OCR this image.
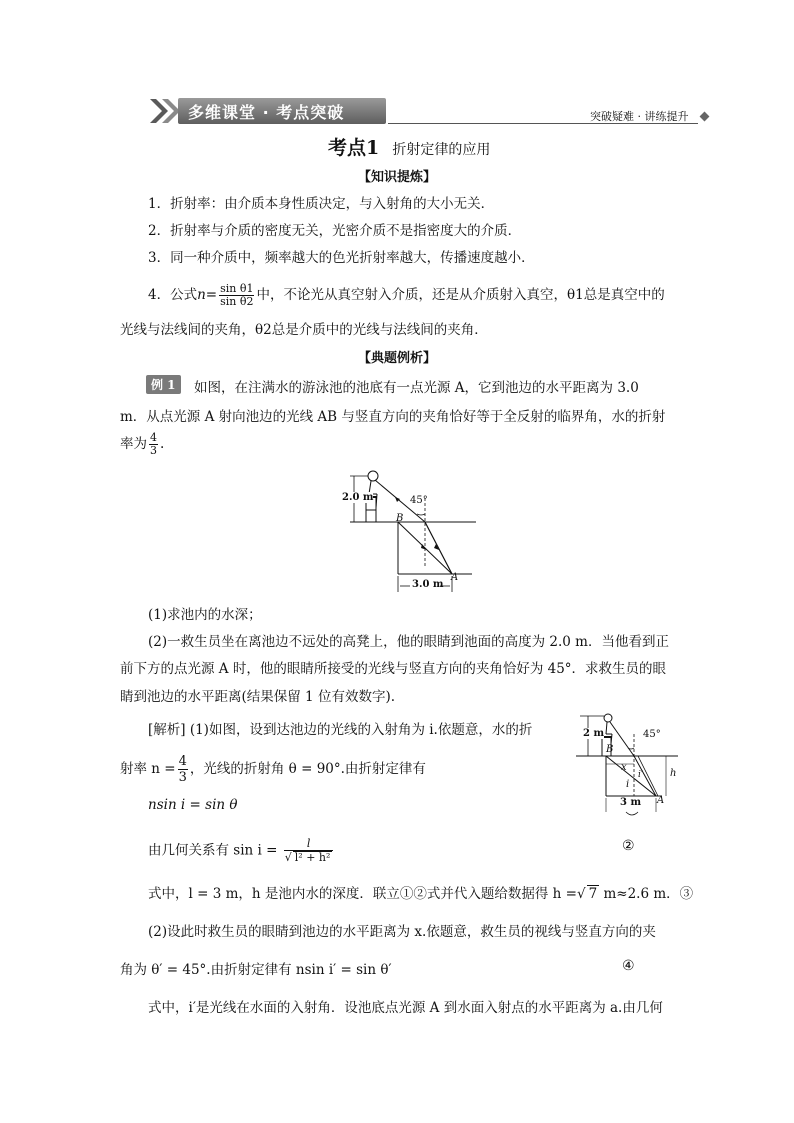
多维课堂 · 考点突破	突破疑难 · 讲练提升
考点1 折射定律的应用
【知识提炼】
1．折射率：由介质本身性质决定，与入射角的大小无关．
2．折射率与介质的密度无关，光密介质不是指密度大的介质．
3．同一种介质中，频率越大的色光折射率越大，传播速度越小．
4．公式$n= \frac{\text{sin θ1}}{\text{sin θ2}}$ 中，不论光从真空射入介质，还是从介质射入真空，θ1总是真空中的
光线与法线间的夹角，θ2总是介质中的光线与法线间的夹角．
【典题例析】
例 1	如图，在注满水的游泳池的池底有一点光源 A，它到池边的水平距离为 3.0
m．从点光源 A 射向池边的光线 AB 与竖直方向的夹角恰好等于全反射的临界角，水的折射
率为 $\frac{4}{3}$ .
2.0 m	45°
B
A
3.0 m
(1)求池内的水深；
(2)一救生员坐在离池边不远处的高凳上，他的眼睛到池面的高度为 2.0 m．当他看到正
前下方的点光源 A 时，他的眼睛所接受的光线与竖直方向的夹角恰好为 45°．求救生员的眼
睛到池边的水平距离(结果保留 1 位有效数字).
[解析] (1)如图，设到达池边的光线的入射角为 i.依题意，水的折
射率 $n = \frac{4}{3}$ ，光线的折射角 θ = 90°.由折射定律有
nsin i = sin θ
由几何关系有 $\sin i = \frac{l}{\text{√ l² + h²}}$	②
式中，l = 3 m，h 是池内水的深度．联立①②式并代入题给数据得 h =√ 7 m≈2.6 m．③
(2)设此时救生员的眼睛到池边的水平距离为 x.依题意，救生员的视线与竖直方向的夹
角为 θ′ = 45°.由折射定律有 nsin i′ = sin θ′	④
式中，i′是光线在水面的入射角．设池底点光源 A 到水面入射点的水平距离为 a.由几何
2 m	45°
B
x
i
i′	h
A
3 m
